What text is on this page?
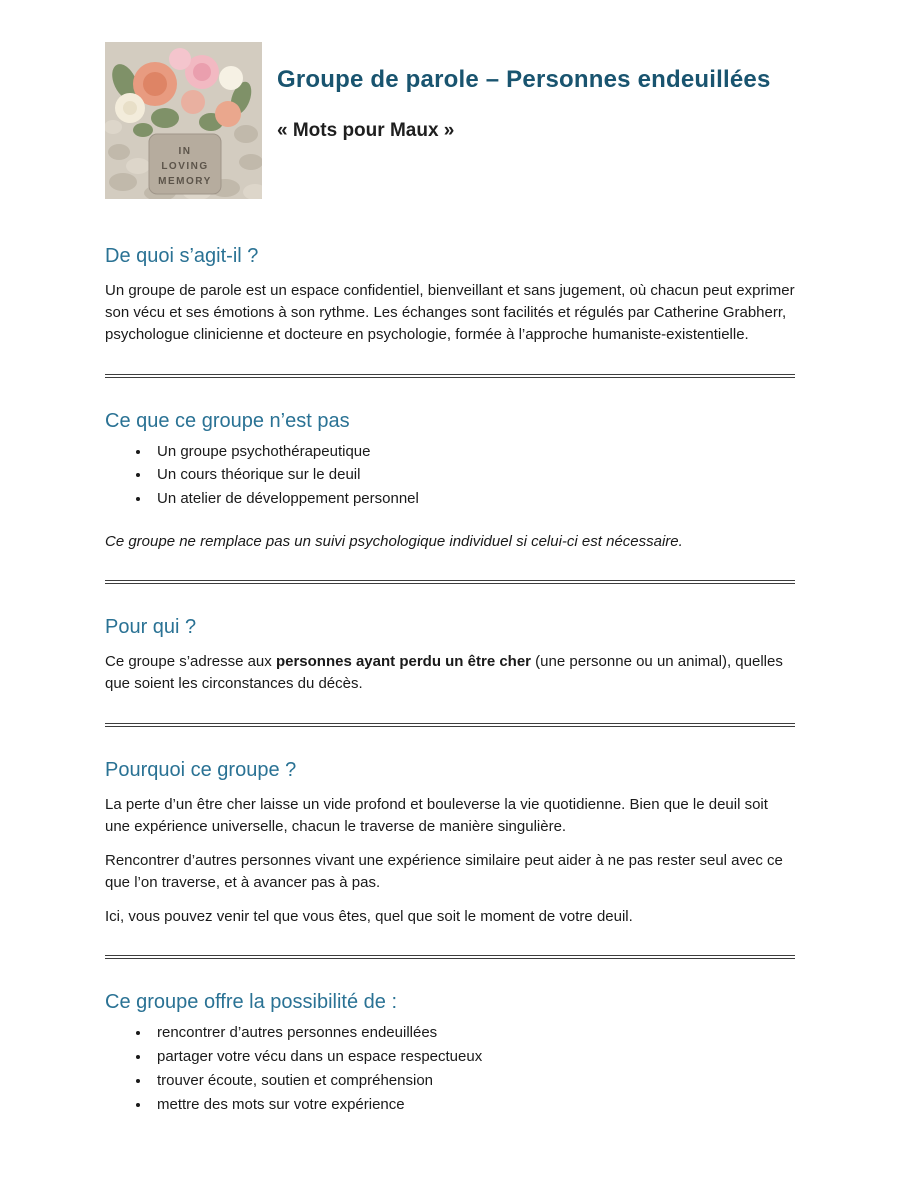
IN
LOVING
MEMORY
Groupe de parole – Personnes endeuillées
« Mots pour Maux »
De quoi s’agit-il ?

Un groupe de parole est un espace confidentiel, bienveillant et sans jugement, où chacun peut exprimer son vécu et ses émotions à son rythme. Les échanges sont facilités et régulés par Catherine Grabherr, psychologue clinicienne et docteure en psychologie, formée à l’approche humaniste-existentielle.

Ce que ce groupe n’est pas
• Un groupe psychothérapeutique
• Un cours théorique sur le deuil
• Un atelier de développement personnel

Ce groupe ne remplace pas un suivi psychologique individuel si celui-ci est nécessaire.

Pour qui ?

Ce groupe s’adresse aux personnes ayant perdu un être cher (une personne ou un animal), quelles que soient les circonstances du décès.

Pourquoi ce groupe ?

La perte d’un être cher laisse un vide profond et bouleverse la vie quotidienne. Bien que le deuil soit une expérience universelle, chacun le traverse de manière singulière.

Rencontrer d’autres personnes vivant une expérience similaire peut aider à ne pas rester seul avec ce que l’on traverse, et à avancer pas à pas.

Ici, vous pouvez venir tel que vous êtes, quel que soit le moment de votre deuil.

Ce groupe offre la possibilité de :
• rencontrer d’autres personnes endeuillées
• partager votre vécu dans un espace respectueux
• trouver écoute, soutien et compréhension
• mettre des mots sur votre expérience
